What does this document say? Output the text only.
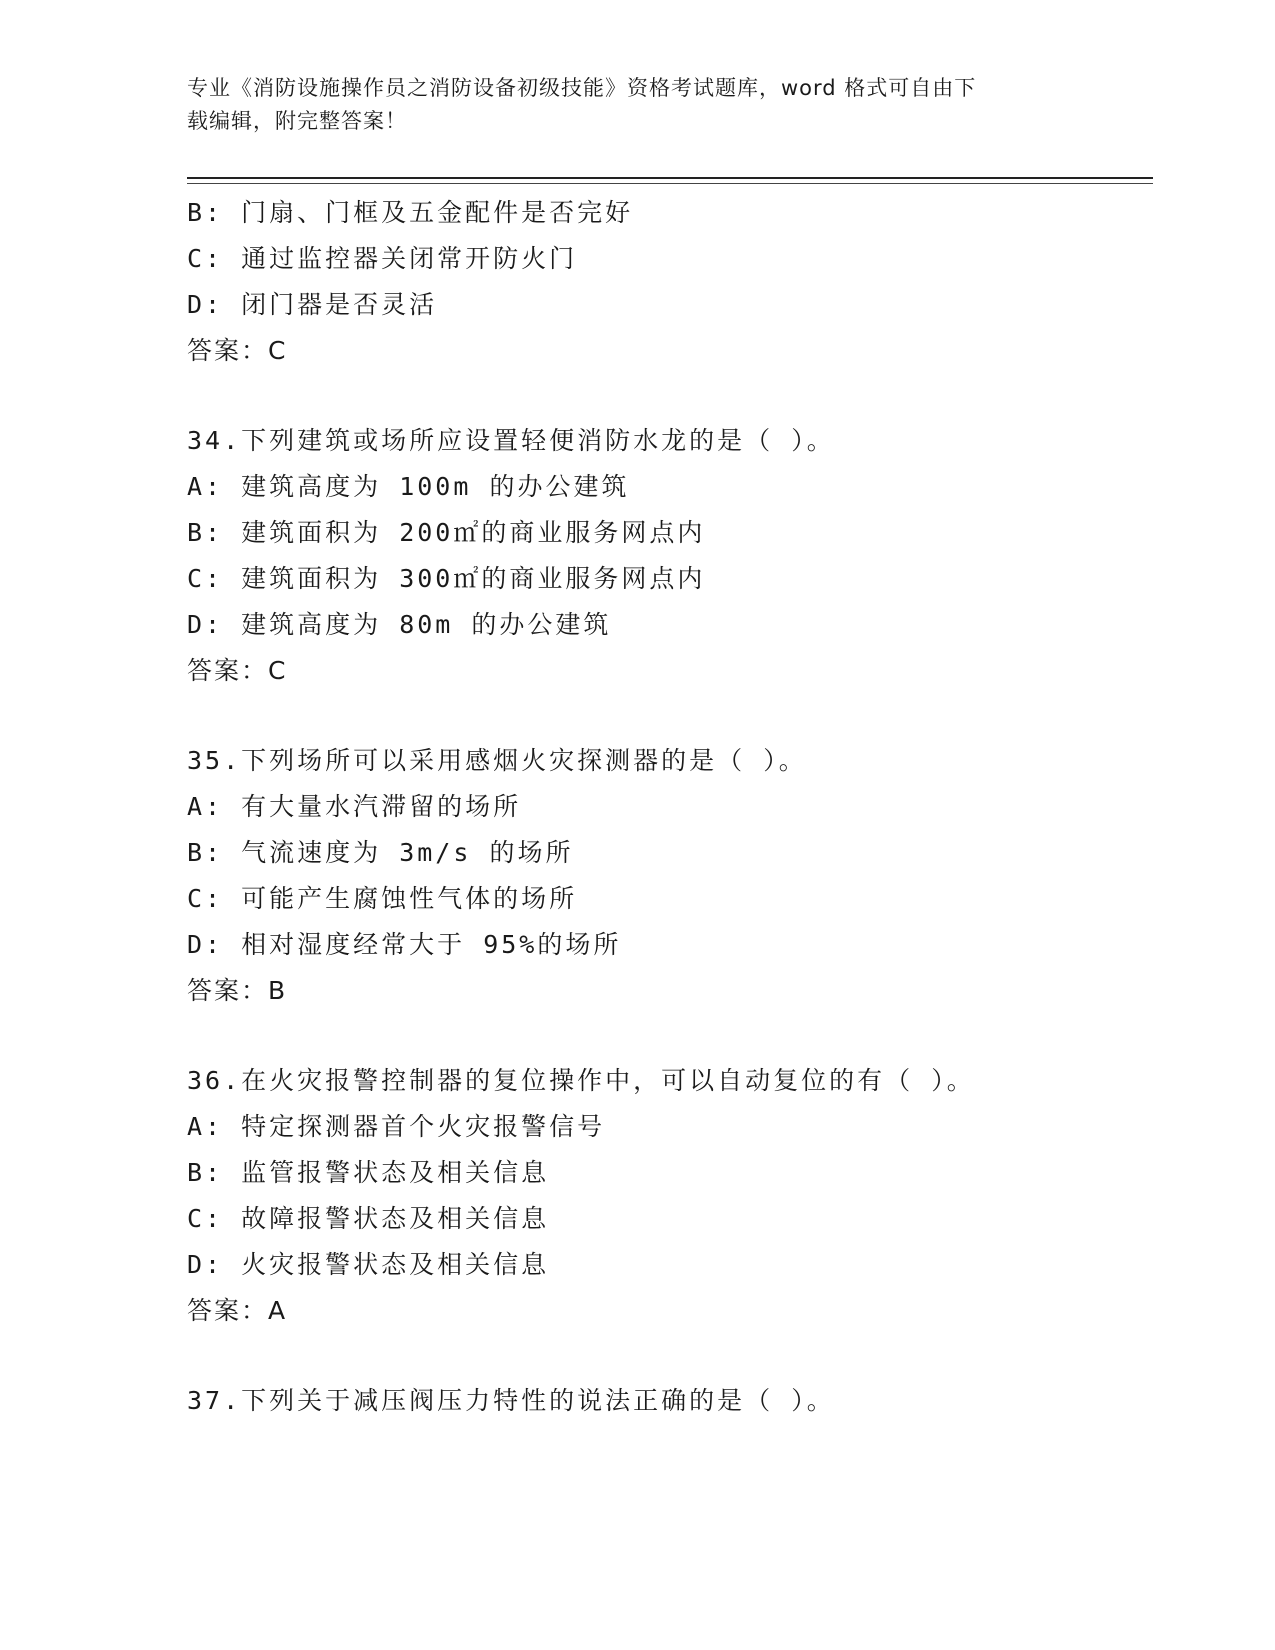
专业《消防设施操作员之消防设备初级技能》资格考试题库，word 格式可自由下
载编辑，附完整答案！
B: 门扇、门框及五金配件是否完好
C: 通过监控器关闭常开防火门
D: 闭门器是否灵活
答案：C
34.下列建筑或场所应设置轻便消防水龙的是（ ）。
A: 建筑高度为 100m 的办公建筑
B: 建筑面积为 200㎡的商业服务网点内
C: 建筑面积为 300㎡的商业服务网点内
D: 建筑高度为 80m 的办公建筑
答案：C
35.下列场所可以采用感烟火灾探测器的是（ ）。
A: 有大量水汽滞留的场所
B: 气流速度为 3m/s 的场所
C: 可能产生腐蚀性气体的场所
D: 相对湿度经常大于 95%的场所
答案：B
36.在火灾报警控制器的复位操作中，可以自动复位的有（ ）。
A: 特定探测器首个火灾报警信号
B: 监管报警状态及相关信息
C: 故障报警状态及相关信息
D: 火灾报警状态及相关信息
答案：A
37.下列关于减压阀压力特性的说法正确的是（ ）。
